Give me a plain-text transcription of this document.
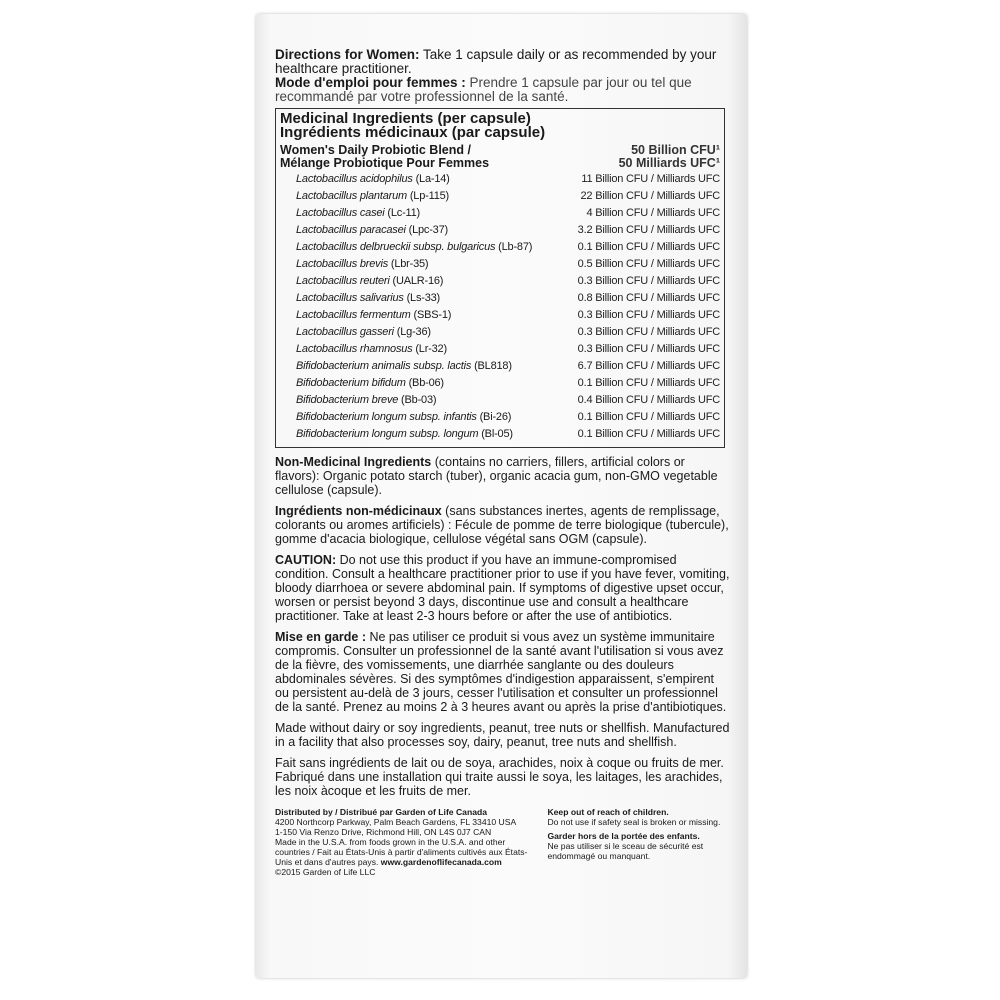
Directions for Women: Take 1 capsule daily or as recommended by your healthcare practitioner.

Mode d'emploi pour femmes : Prendre 1 capsule par jour ou tel que recommandé par votre professionnel de la santé.

Medicinal Ingredients (per capsule)
Ingrédients médicinaux (par capsule)
Women's Daily Probiotic Blend /
Mélange Probiotique Pour Femmes
50 Billion CFU¹
50 Milliards UFC¹
Lactobacillus acidophilus (La-14)	11 Billion CFU / Milliards UFC
Lactobacillus plantarum (Lp-115)	22 Billion CFU / Milliards UFC
Lactobacillus casei (Lc-11)	4 Billion CFU / Milliards UFC
Lactobacillus paracasei (Lpc-37)	3.2 Billion CFU / Milliards UFC
Lactobacillus delbrueckii subsp. bulgaricus (Lb-87)	0.1 Billion CFU / Milliards UFC
Lactobacillus brevis (Lbr-35)	0.5 Billion CFU / Milliards UFC
Lactobacillus reuteri (UALR-16)	0.3 Billion CFU / Milliards UFC
Lactobacillus salivarius (Ls-33)	0.8 Billion CFU / Milliards UFC
Lactobacillus fermentum (SBS-1)	0.3 Billion CFU / Milliards UFC
Lactobacillus gasseri (Lg-36)	0.3 Billion CFU / Milliards UFC
Lactobacillus rhamnosus (Lr-32)	0.3 Billion CFU / Milliards UFC
Bifidobacterium animalis subsp. lactis (BL818)	6.7 Billion CFU / Milliards UFC
Bifidobacterium bifidum (Bb-06)	0.1 Billion CFU / Milliards UFC
Bifidobacterium breve (Bb-03)	0.4 Billion CFU / Milliards UFC
Bifidobacterium longum subsp. infantis (Bi-26)	0.1 Billion CFU / Milliards UFC
Bifidobacterium longum subsp. longum (Bl-05)	0.1 Billion CFU / Milliards UFC

Non-Medicinal Ingredients (contains no carriers, fillers, artificial colors or flavors): Organic potato starch (tuber), organic acacia gum, non-GMO vegetable cellulose (capsule).

Ingrédients non-médicinaux (sans substances inertes, agents de remplissage, colorants ou aromes artificiels) : Fécule de pomme de terre biologique (tubercule), gomme d'acacia biologique, cellulose végétal sans OGM (capsule).

CAUTION: Do not use this product if you have an immune-compromised condition. Consult a healthcare practitioner prior to use if you have fever, vomiting, bloody diarrhoea or severe abdominal pain. If symptoms of digestive upset occur, worsen or persist beyond 3 days, discontinue use and consult a healthcare practitioner. Take at least 2-3 hours before or after the use of antibiotics.

Mise en garde : Ne pas utiliser ce produit si vous avez un système immunitaire compromis. Consulter un professionnel de la santé avant l'utilisation si vous avez de la fièvre, des vomissements, une diarrhée sanglante ou des douleurs abdominales sévères. Si des symptômes d'indigestion apparaissent, s'empirent ou persistent au-delà de 3 jours, cesser l'utilisation et consulter un professionnel de la santé. Prenez au moins 2 à 3 heures avant ou après la prise d'antibiotiques.

Made without dairy or soy ingredients, peanut, tree nuts or shellfish. Manufactured in a facility that also processes soy, dairy, peanut, tree nuts and shellfish.

Fait sans ingrédients de lait ou de soya, arachides, noix à coque ou fruits de mer. Fabriqué dans une installation qui traite aussi le soya, les laitages, les arachides, les noix àcoque et les fruits de mer.

Distributed by / Distribué par Garden of Life Canada

4200 Northcorp Parkway, Palm Beach Gardens, FL 33410 USA

1-150 Via Renzo Drive, Richmond Hill, ON L4S 0J7 CAN

Made in the U.S.A. from foods grown in the U.S.A. and other countries / Fait au États-Unis à partir d'aliments cultivés aux États-Unis et dans d'autres pays. www.gardenoflifecanada.com

©2015 Garden of Life LLC

Keep out of reach of children.

Do not use if safety seal is broken or missing.

Garder hors de la portée des enfants.

Ne pas utiliser si le sceau de sécurité est endommagé ou manquant.
